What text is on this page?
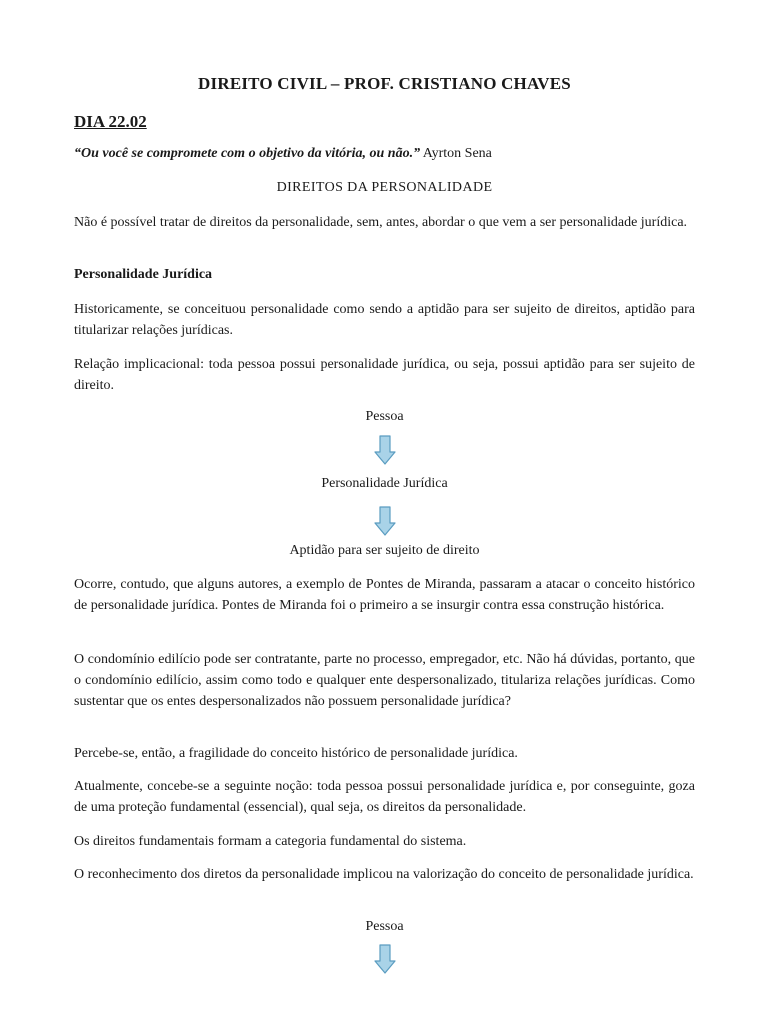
DIREITO CIVIL – PROF. CRISTIANO CHAVES
DIA 22.02
“Ou você se compromete com o objetivo da vitória, ou não.” Ayrton Sena
DIREITOS DA PERSONALIDADE

Não é possível tratar de direitos da personalidade, sem, antes, abordar o que vem a ser personalidade jurídica.

Personalidade Jurídica

Historicamente, se conceituou personalidade como sendo a aptidão para ser sujeito de direitos, aptidão para titularizar relações jurídicas.

Relação implicacional: toda pessoa possui personalidade jurídica, ou seja, possui aptidão para ser sujeito de direito.

Pessoa
Personalidade Jurídica
Aptidão para ser sujeito de direito

Ocorre, contudo, que alguns autores, a exemplo de Pontes de Miranda, passaram a atacar o conceito histórico de personalidade jurídica. Pontes de Miranda foi o primeiro a se insurgir contra essa construção histórica.

O condomínio edilício pode ser contratante, parte no processo, empregador, etc. Não há dúvidas, portanto, que o condomínio edilício, assim como todo e qualquer ente despersonalizado, titulariza relações jurídicas. Como sustentar que os entes despersonalizados não possuem personalidade jurídica?

Percebe-se, então, a fragilidade do conceito histórico de personalidade jurídica.

Atualmente, concebe-se a seguinte noção: toda pessoa possui personalidade jurídica e, por conseguinte, goza de uma proteção fundamental (essencial), qual seja, os direitos da personalidade.

Os direitos fundamentais formam a categoria fundamental do sistema.

O reconhecimento dos diretos da personalidade implicou na valorização do conceito de personalidade jurídica.

Pessoa
